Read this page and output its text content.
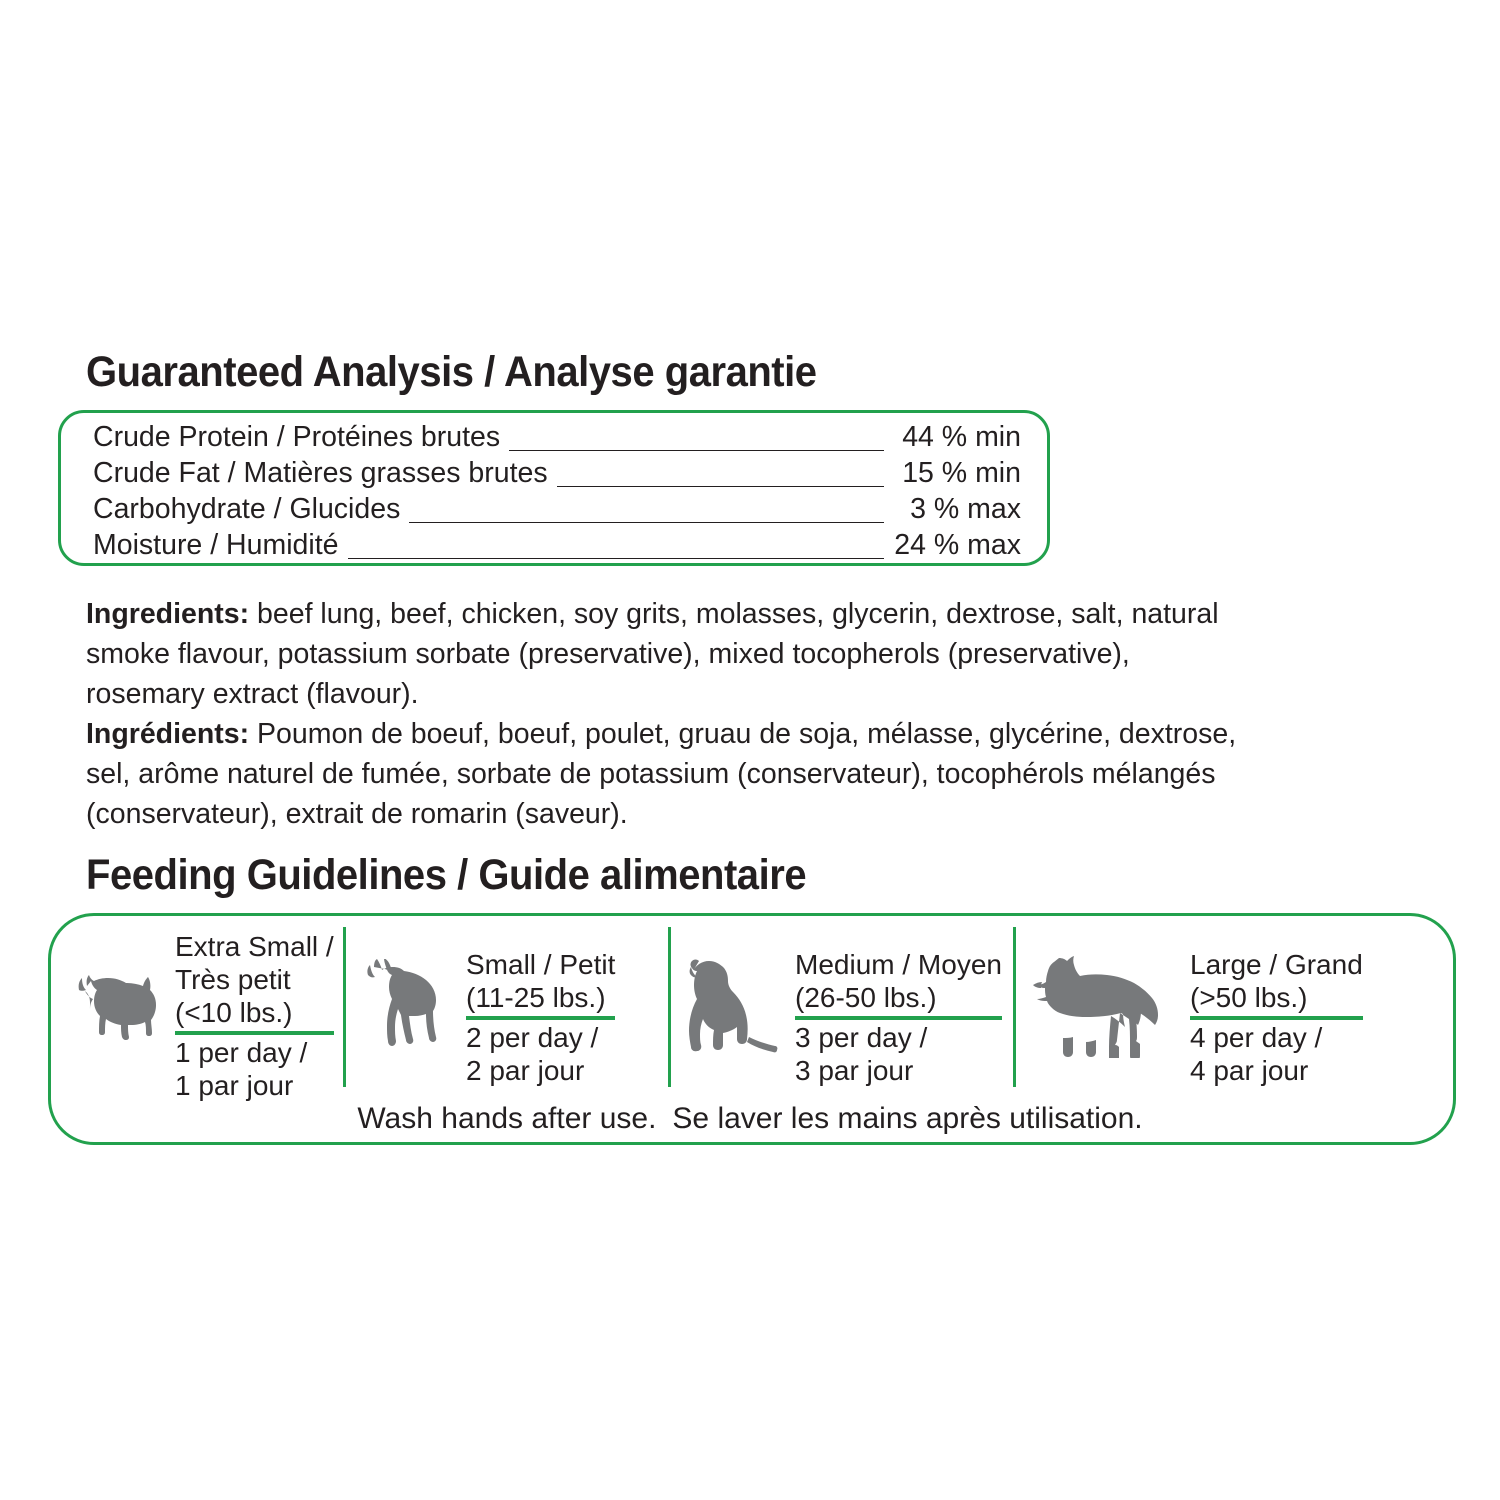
Guaranteed Analysis / Analyse garantie
Crude Protein / Protéines brutes	44 % min
Crude Fat / Matières grasses brutes	15 % min
Carbohydrate / Glucides	3 % max
Moisture / Humidité	24 % max

Ingredients: beef lung, beef, chicken, soy grits, molasses, glycerin, dextrose, salt, natural smoke flavour, potassium sorbate (preservative), mixed tocopherols (preservative), rosemary extract (flavour).

Ingrédients: Poumon de boeuf, boeuf, poulet, gruau de soja, mélasse, glycérine, dextrose, sel, arôme naturel de fumée, sorbate de potassium (conservateur), tocophérols mélangés (conservateur), extrait de romarin (saveur).

Feeding Guidelines / Guide alimentaire
Extra Small /
Très petit
(<10 lbs.)
1 per day /
1 par jour
Small / Petit
(11-25 lbs.)
2 per day /
2 par jour
Medium / Moyen
(26-50 lbs.)
3 per day /
3 par jour
Large / Grand
(>50 lbs.)
4 per day /
4 par jour
Wash hands after use. Se laver les mains après utilisation.
